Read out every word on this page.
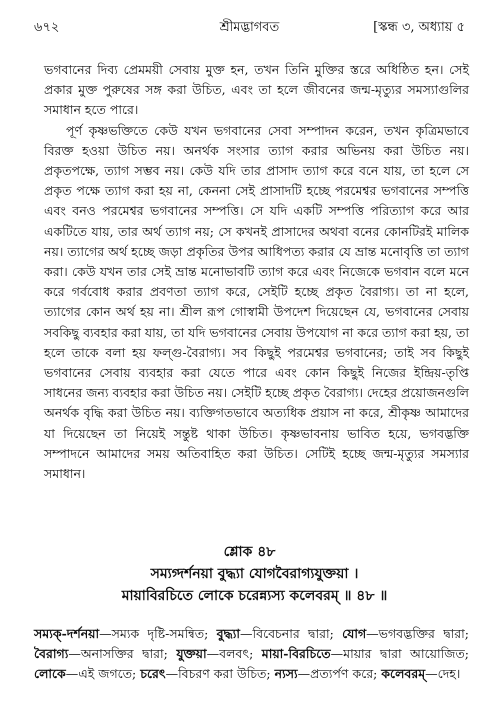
৬৭২	শ্রীমদ্ভাগবত	[স্কন্ধ ৩, অধ্যায় ৫

ভগবানের দিব্য প্রেমময়ী সেবায় মুক্ত হন, তখন তিনি মুক্তির স্তরে অধিষ্ঠিত হন। সেই প্রকার মুক্ত পুরুষের সঙ্গ করা উচিত, এবং তা হলে জীবনের জন্ম-মৃত্যুর সমস্যাগুলির সমাধান হতে পারে।

পূর্ণ কৃষ্ণভক্তিতে কেউ যখন ভগবানের সেবা সম্পাদন করেন, তখন কৃত্রিমভাবে বিরক্ত হওয়া উচিত নয়। অনর্থক সংসার ত্যাগ করার অভিনয় করা উচিত নয়। প্রকৃতপক্ষে, ত্যাগ সম্ভব নয়। কেউ যদি তার প্রাসাদ ত্যাগ করে বনে যায়, তা হলে সে প্রকৃত পক্ষে ত্যাগ করা হয় না, কেননা সেই প্রাসাদটি হচ্ছে পরমেশ্বর ভগবানের সম্পত্তি এবং বনও পরমেশ্বর ভগবানের সম্পত্তি। সে যদি একটি সম্পত্তি পরিত্যাগ করে আর একটিতে যায়, তার অর্থ ত্যাগ নয়; সে কখনই প্রাসাদের অথবা বনের কোনটিরই মালিক নয়। ত্যাগের অর্থ হচ্ছে জড়া প্রকৃতির উপর আধিপত্য করার যে ভ্রান্ত মনোবৃত্তি তা ত্যাগ করা। কেউ যখন তার সেই ভ্রান্ত মনোভাবটি ত্যাগ করে এবং নিজেকে ভগবান বলে মনে করে গর্ববোধ করার প্রবণতা ত্যাগ করে, সেইটি হচ্ছে প্রকৃত বৈরাগ্য। তা না হলে, ত্যাগের কোন অর্থ হয় না। শ্রীল রূপ গোস্বামী উপদেশ দিয়েছেন যে, ভগবানের সেবায় সবকিছু ব্যবহার করা যায়, তা যদি ভগবানের সেবায় উপযোগ না করে ত্যাগ করা হয়, তা হলে তাকে বলা হয় ফল্গু-বৈরাগ্য। সব কিছুই পরমেশ্বর ভগবানের; তাই সব কিছুই ভগবানের সেবায় ব্যবহার করা যেতে পারে এবং কোন কিছুই নিজের ইন্দ্রিয়-তৃপ্তি সাধনের জন্য ব্যবহার করা উচিত নয়। সেইটি হচ্ছে প্রকৃত বৈরাগ্য। দেহের প্রয়োজনগুলি অনর্থক বৃদ্ধি করা উচিত নয়। ব্যক্তিগতভাবে অত্যধিক প্রয়াস না করে, শ্রীকৃষ্ণ আমাদের যা দিয়েছেন তা নিয়েই সন্তুষ্ট থাকা উচিত। কৃষ্ণভাবনায় ভাবিত হয়ে, ভগবদ্ভক্তি সম্পাদনে আমাদের সময় অতিবাহিত করা উচিত। সেটিই হচ্ছে জন্ম-মৃত্যুর সমস্যার সমাধান।

শ্লোক ৪৮
সম্যগ্দর্শনয়া বুদ্ধ্যা যোগবৈরাগ্যযুক্তয়া ।
মায়াবিরচিতে লোকে চরেন্ন্যস্য কলেবরম্ ॥ ৪৮ ॥
সম্যক্-দর্শনয়া—সম্যক দৃষ্টি-সমন্বিত; বুদ্ধ্যা—বিবেচনার দ্বারা; যোগ—ভগবদ্ভক্তির দ্বারা; বৈরাগ্য—অনাসক্তির দ্বারা; যুক্তয়া—বলবৎ; মায়া-বিরচিতে—মায়ার দ্বারা আয়োজিত; লোকে—এই জগতে; চরেৎ—বিচরণ করা উচিত; ন্যস্য—প্রত্যর্পণ করে; কলেবরম্—দেহ।
